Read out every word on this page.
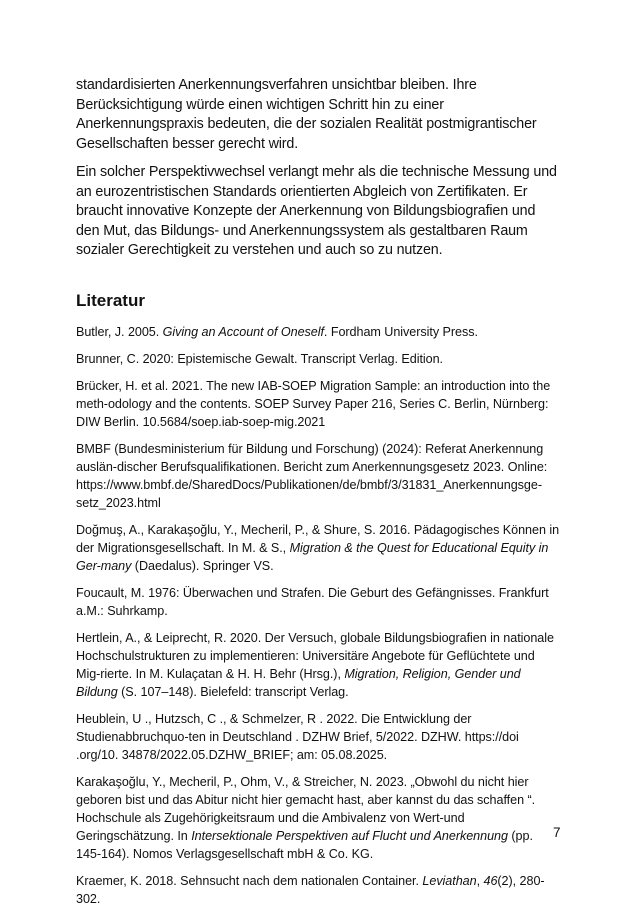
standardisierten Anerkennungsverfahren unsichtbar bleiben. Ihre Berücksichtigung würde einen wichtigen Schritt hin zu einer Anerkennungspraxis bedeuten, die der sozialen Realität postmigrantischer Gesellschaften besser gerecht wird.

Ein solcher Perspektivwechsel verlangt mehr als die technische Messung und an eurozentristischen Standards orientierten Abgleich von Zertifikaten. Er braucht innovative Konzepte der Anerkennung von Bildungsbiografien und den Mut, das Bildungs- und Anerkennungssystem als gestaltbaren Raum sozialer Gerechtigkeit zu verstehen und auch so zu nutzen.

Literatur

Butler, J. 2005. Giving an Account of Oneself. Fordham University Press.

Brunner, C. 2020: Epistemische Gewalt. Transcript Verlag. Edition.

Brücker, H. et al. 2021. The new IAB-SOEP Migration Sample: an introduction into the meth-odology and the contents. SOEP Survey Paper 216, Series C. Berlin, Nürnberg: DIW Berlin. 10.5684/soep.iab-soep-mig.2021

BMBF (Bundesministerium für Bildung und Forschung) (2024): Referat Anerkennung auslän-discher Berufsqualifikationen. Bericht zum Anerkennungsgesetz 2023. Online: https://www.bmbf.de/SharedDocs/Publikationen/de/bmbf/3/31831_Anerkennungsge-setz_2023.html

Doğmuş, A., Karakaşoğlu, Y., Mecheril, P., & Shure, S. 2016. Pädagogisches Können in der Migrationsgesellschaft. In M. & S., Migration & the Quest for Educational Equity in Ger-many (Daedalus). Springer VS.

Foucault, M. 1976: Überwachen und Strafen. Die Geburt des Gefängnisses. Frankfurt a.M.: Suhrkamp.

Hertlein, A., & Leiprecht, R. 2020. Der Versuch, globale Bildungsbiografien in nationale Hochschulstrukturen zu implementieren: Universitäre Angebote für Geflüchtete und Mig-rierte. In M. Kulaçatan & H. H. Behr (Hrsg.), Migration, Religion, Gender und Bildung (S. 107–148). Bielefeld: transcript Verlag.

Heublein, U ., Hutzsch, C ., & Schmelzer, R . 2022. Die Entwicklung der Studienabbruchquo-ten in Deutschland . DZHW Brief, 5/2022. DZHW. https://doi .org/10. 34878/2022.05.DZHW_BRIEF; am: 05.08.2025.

Karakaşoğlu, Y., Mecheril, P., Ohm, V., & Streicher, N. 2023. „Obwohl du nicht hier geboren bist und das Abitur nicht hier gemacht hast, aber kannst du das schaffen “. Hochschule als Zugehörigkeitsraum und die Ambivalenz von Wert-und Geringschätzung. In Intersektionale Perspektiven auf Flucht und Anerkennung (pp. 145-164). Nomos Verlagsgesellschaft mbH & Co. KG.

Kraemer, K. 2018. Sehnsucht nach dem nationalen Container. Leviathan, 46(2), 280-302.

7
